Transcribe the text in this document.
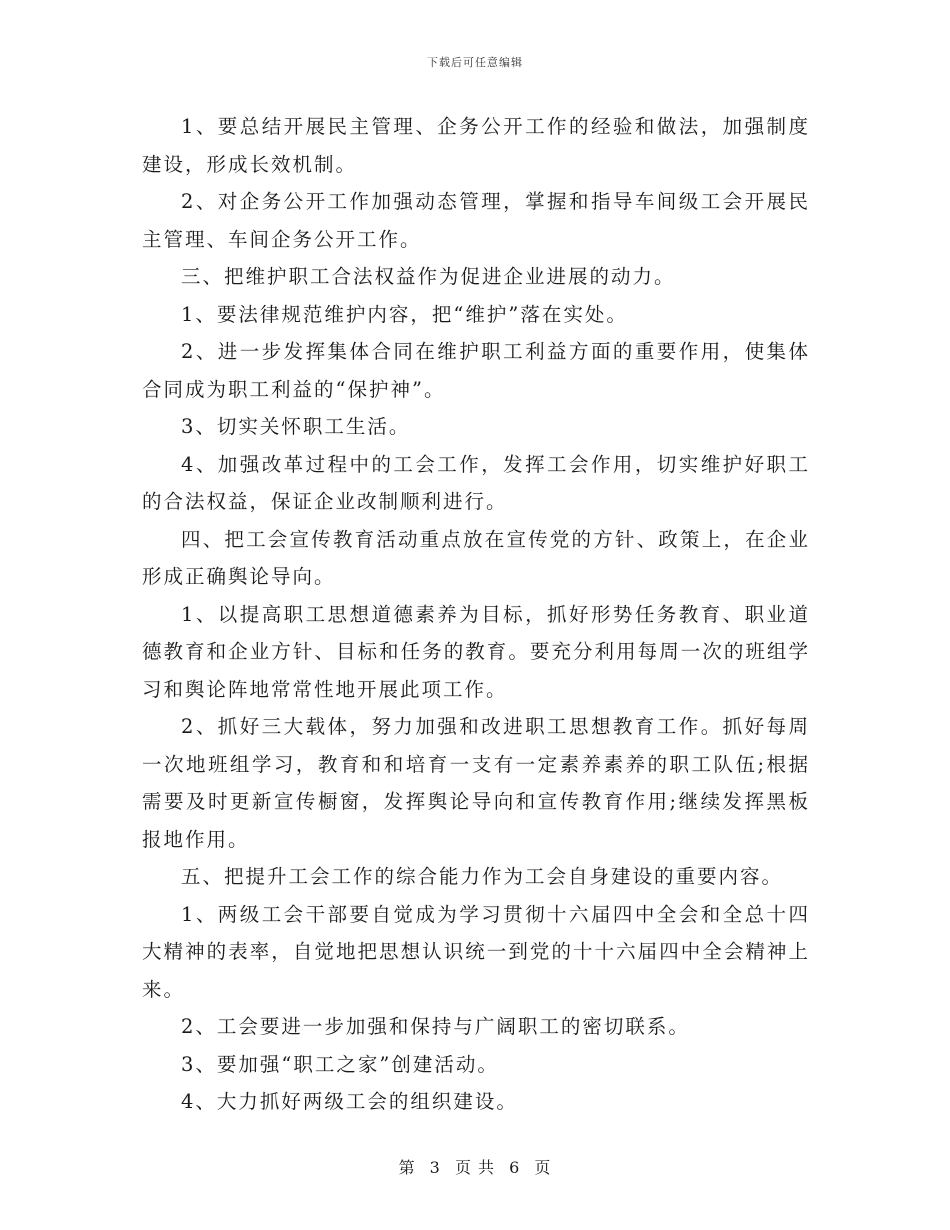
下载后可任意编辑

1、要总结开展民主管理、企务公开工作的经验和做法，加强制度建设，形成长效机制。

2、对企务公开工作加强动态管理，掌握和指导车间级工会开展民主管理、车间企务公开工作。

三、把维护职工合法权益作为促进企业进展的动力。

1、要法律规范维护内容，把“维护”落在实处。

2、进一步发挥集体合同在维护职工利益方面的重要作用，使集体合同成为职工利益的“保护神”。

3、切实关怀职工生活。

4、加强改革过程中的工会工作，发挥工会作用，切实维护好职工的合法权益，保证企业改制顺利进行。

四、把工会宣传教育活动重点放在宣传党的方针、政策上，在企业形成正确舆论导向。

1、以提高职工思想道德素养为目标，抓好形势任务教育、职业道德教育和企业方针、目标和任务的教育。要充分利用每周一次的班组学习和舆论阵地常常性地开展此项工作。

2、抓好三大载体，努力加强和改进职工思想教育工作。抓好每周一次地班组学习，教育和和培育一支有一定素养素养的职工队伍;根据需要及时更新宣传橱窗，发挥舆论导向和宣传教育作用;继续发挥黑板报地作用。

五、把提升工会工作的综合能力作为工会自身建设的重要内容。

1、两级工会干部要自觉成为学习贯彻十六届四中全会和全总十四大精神的表率，自觉地把思想认识统一到党的十十六届四中全会精神上来。

2、工会要进一步加强和保持与广阔职工的密切联系。

3、要加强“职工之家”创建活动。

4、大力抓好两级工会的组织建设。

第 3 页 共 6 页
